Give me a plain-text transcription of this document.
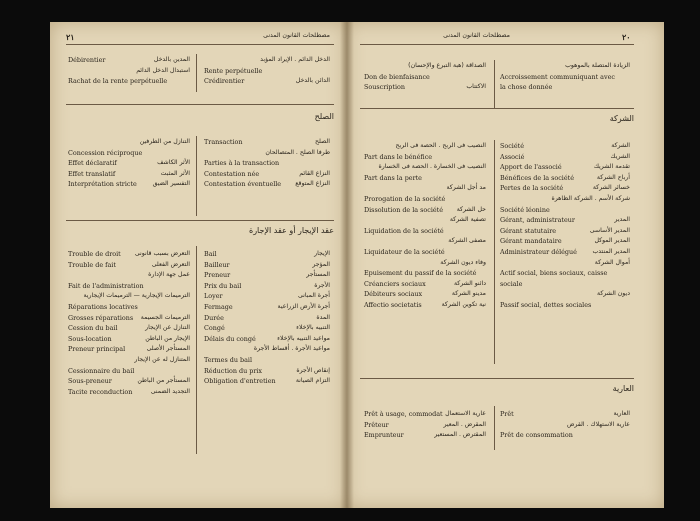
٢١	مصطلحات القانون المدنى	مصطلحات القانون المدنى	٢٠
Débirentier	المدين بالدخل
استبدال الدخل الدائم
Rachat de la rente perpétuelle
الدخل الدائم . الإيراد المؤبد
Rente perpétuelle
Crédirentier	الدائن بالدخل
الصلح
التنازل من الطرفين
Concession réciproque
Effet déclaratif	الأثر الكاشف
Effet translatif	الأثر المثبت
Interprétation stricte	التفسير الضيق
Transaction	الصلح
طرفا الصلح . المتصالحان
Parties à la transaction
Contestation née	النزاع القائم
Contestation éventuelle	النزاع المتوقع
عقد الإيجار أو عقد الإجارة
Trouble de droit	التعرض بسبب قانونى
Trouble de fait	التعرض الفعلى
عمل جهة الإدارة
Fait de l'administration
الترميمات الإيجارية — الترميمات الإيجارية
Réparations locatives
Grosses réparations	الترميمات الجسيمة
Cession du bail	التنازل عن الإيجار
Sous-location	الإيجار من الباطن
Preneur principal	المستأجر الأصلى
المتنازل له عن الإيجار
Cessionnaire du bail
Sous-preneur	المستأجر من الباطن
Tacite reconduction	التجديد الضمنى
Bail	الإيجار
Bailleur	المؤجر
Preneur	المستأجر
Prix du bail	الأجرة
Loyer	أجرة المبانى
Fermage	أجرة الأرض الزراعية
Durée	المدة
Congé	التنبيه بالإخلاء
Délais du congé	مواعيد التنبيه بالإخلاء
مواعيد الأجرة . أقساط الأجرة
Termes du bail
Réduction du prix	إنقاص الأجرة
Obligation d'entretien	التزام الصيانة
الصداقة (هبة التبرع والإحسان)
Don de bienfaisance
Souscription	الاكتتاب
الزيادة المتصلة بالموهوب
Accroissement communiquant avec
la chose donnée
الشركة
النصيب فى الربح . الحصة فى الربح
Part dans le bénéfice
النصيب فى الخسارة . الحصة فى الخسارة
Part dans la perte
مد أجل الشركة
Prorogation de la société
Dissolution de la société	حل الشركة
تصفية الشركة
Liquidation de la société
مصفى الشركة
Liquidateur de la société
وفاء ديون الشركة
Epuisement du passif de la société
Créanciers sociaux	دائنو الشركة
Débiteurs sociaux	مدينو الشركة
Affectio societatis	نية تكوين الشركة
Société	الشركة
Associé	الشريك
Apport de l'associé	تقدمة الشريك
Bénéfices de la société	أرباح الشركة
Pertes de la société	خسائر الشركة
شركة الأسم . الشركة الظاهرة
Société léonine
Gérant, administrateur	المدير
Gérant statutaire	المدير الأساسى
Gérant mandataire	المدير الموكل
Administrateur délégué	المدير المنتدب
أموال الشركة
Actif social, biens sociaux, caisse
sociale
ديون الشركة
Passif social, dettes sociales
العارية
Prêt à usage, commodat عارية الاستعمال
Prêteur	المقرض . المعير
Emprunteur	المقترض . المستعير
Prêt	العارية
عارية الاستهلاك . القرض
Prêt de consommation
